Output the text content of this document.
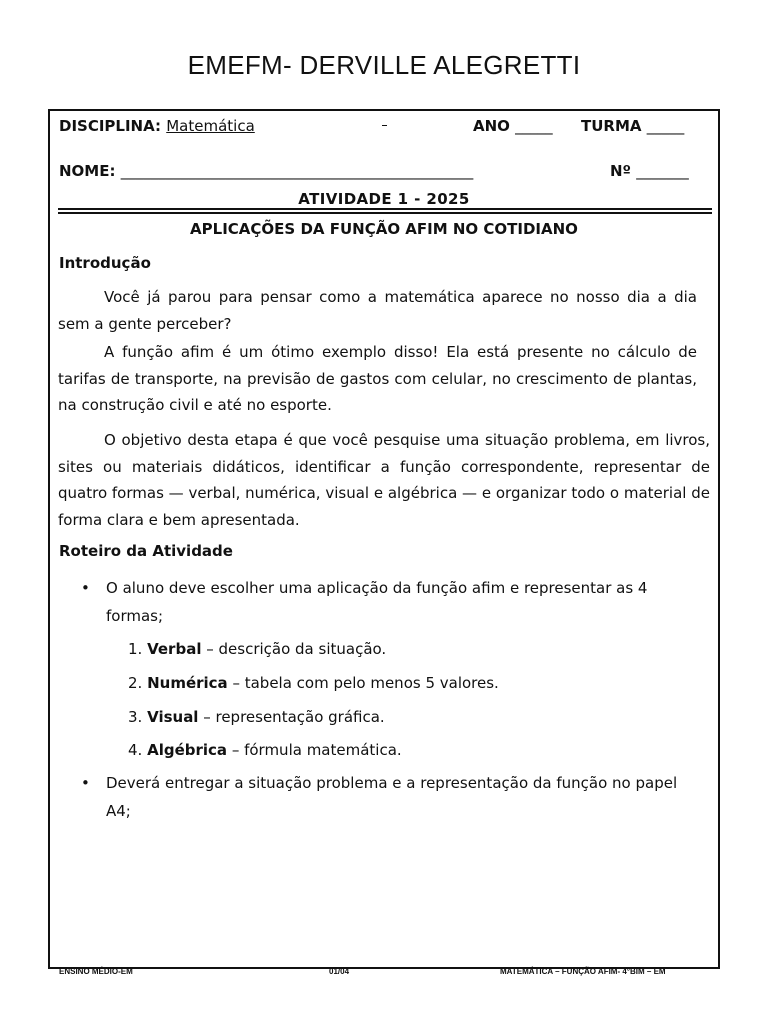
EMEFM- DERVILLE ALEGRETTI
DISCIPLINA: Matemática	ANO _____ TURMA _____
NOME: _______________________________________________	Nº _______
ATIVIDADE 1 - 2025
APLICAÇÕES DA FUNÇÃO AFIM NO COTIDIANO
Introdução
Você já parou para pensar como a matemática aparece no nosso dia a dia sem a gente perceber?
A função afim é um ótimo exemplo disso! Ela está presente no cálculo de tarifas de transporte, na previsão de gastos com celular, no crescimento de plantas, na construção civil e até no esporte.
O objetivo desta etapa é que você pesquise uma situação problema, em livros, sites ou materiais didáticos, identificar a função correspondente, representar de quatro formas — verbal, numérica, visual e algébrica — e organizar todo o material de forma clara e bem apresentada.
Roteiro da Atividade
• O aluno deve escolher uma aplicação da função afim e representar as 4 formas;
1. Verbal – descrição da situação.
2. Numérica – tabela com pelo menos 5 valores.
3. Visual – representação gráfica.
4. Algébrica – fórmula matemática.
• Deverá entregar a situação problema e a representação da função no papel A4;
ENSINO MÉDIO-EM	01/04	MATEMÁTICA – FUNÇÃO AFIM- 4°BIM – EM
